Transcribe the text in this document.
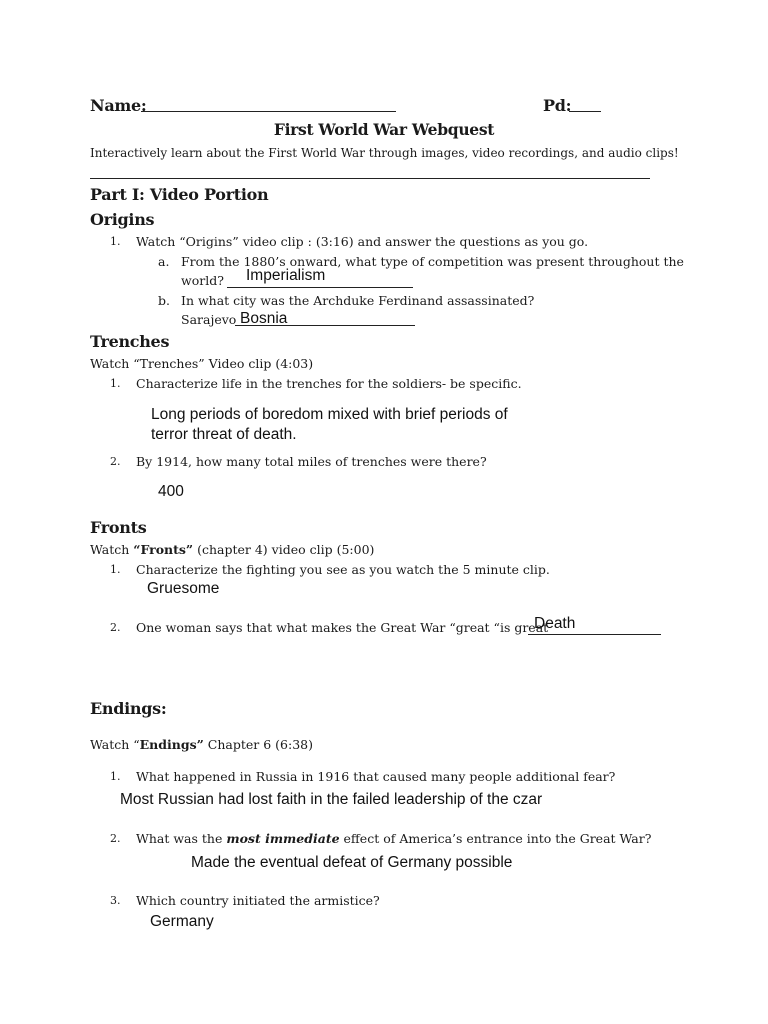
Name:	Pd:
First World War Webquest
Interactively learn about the First World War through images, video recordings, and audio clips!
Part I: Video Portion
Origins
1. Watch “Origins” video clip : (3:16) and answer the questions as you go.
a. From the 1880’s onward, what type of competition was present throughout the
world? Imperialism
b. In what city was the Archduke Ferdinand assassinated?
Sarajevo Bosnia
Trenches
Watch “Trenches” Video clip (4:03)
1. Characterize life in the trenches for the soldiers- be specific.
Long periods of boredom mixed with brief periods of
terror threat of death.
2. By 1914, how many total miles of trenches were there?
400
Fronts
Watch “Fronts” (chapter 4) video clip (5:00)
1. Characterize the fighting you see as you watch the 5 minute clip.
Gruesome
2. One woman says that what makes the Great War “great “is great
Death
Endings:
Watch “Endings” Chapter 6 (6:38)
1. What happened in Russia in 1916 that caused many people additional fear?
Most Russian had lost faith in the failed leadership of the czar
2. What was the most immediate effect of America’s entrance into the Great War?
Made the eventual defeat of Germany possible
3. Which country initiated the armistice?
Germany
